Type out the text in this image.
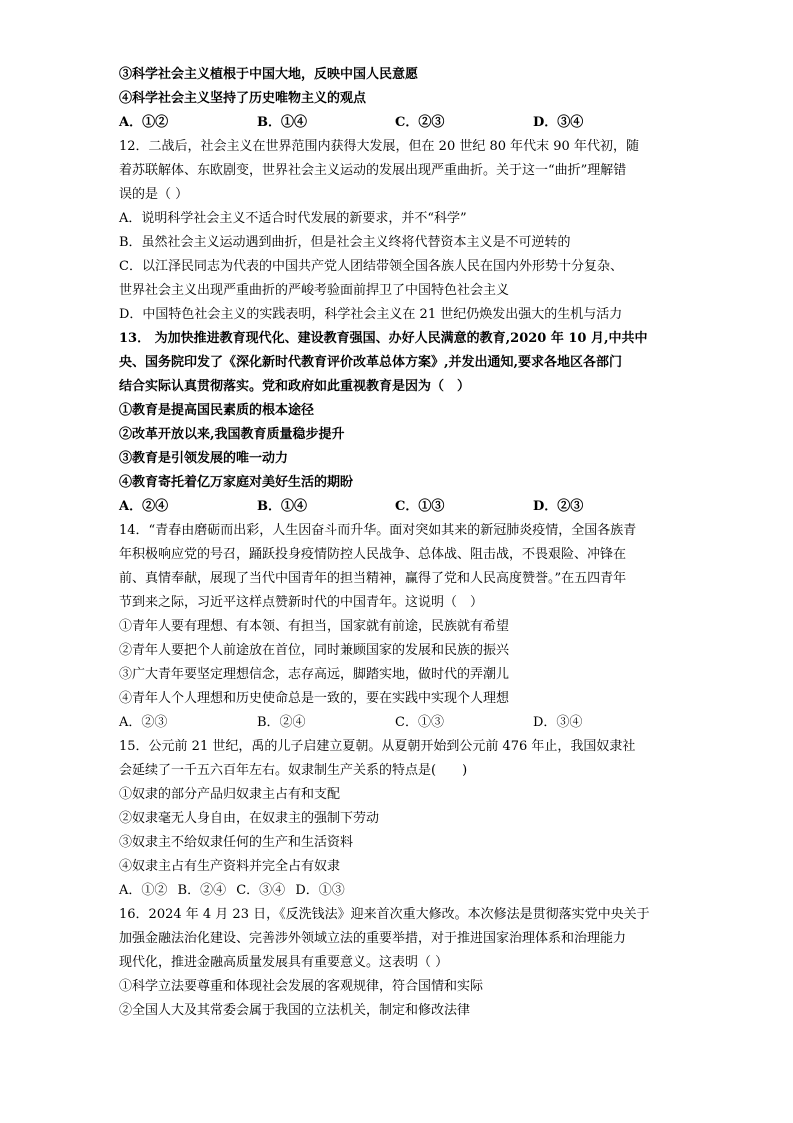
③科学社会主义植根于中国大地，反映中国人民意愿
④科学社会主义坚持了历史唯物主义的观点
A．①②	B．①④	C．②③	D．③④
12．二战后，社会主义在世界范围内获得大发展，但在 20 世纪 80 年代末 90 年代初，随
着苏联解体、东欧剧变，世界社会主义运动的发展出现严重曲折。关于这一“曲折”理解错
误的是（ ）
A．说明科学社会主义不适合时代发展的新要求，并不“科学”
B．虽然社会主义运动遇到曲折，但是社会主义终将代替资本主义是不可逆转的
C．以江泽民同志为代表的中国共产党人团结带领全国各族人民在国内外形势十分复杂、
世界社会主义出现严重曲折的严峻考验面前捍卫了中国特色社会主义
D．中国特色社会主义的实践表明，科学社会主义在 21 世纪仍焕发出强大的生机与活力
13． 为加快推进教育现代化、建设教育强国、办好人民满意的教育,2020 年 10 月,中共中
央、国务院印发了《深化新时代教育评价改革总体方案》,并发出通知,要求各地区各部门
结合实际认真贯彻落实。党和政府如此重视教育是因为（　）
①教育是提高国民素质的根本途径
②改革开放以来,我国教育质量稳步提升
③教育是引领发展的唯一动力
④教育寄托着亿万家庭对美好生活的期盼
A．②④	B．①④	C．①③	D．②③
14．“青春由磨砺而出彩，人生因奋斗而升华。面对突如其来的新冠肺炎疫情，全国各族青
年积极响应党的号召，踊跃投身疫情防控人民战争、总体战、阻击战，不畏艰险、冲锋在
前、真情奉献，展现了当代中国青年的担当精神，赢得了党和人民高度赞誉。”在五四青年
节到来之际，习近平这样点赞新时代的中国青年。这说明（　）
①青年人要有理想、有本领、有担当，国家就有前途，民族就有希望
②青年人要把个人前途放在首位，同时兼顾国家的发展和民族的振兴
③广大青年要坚定理想信念，志存高远，脚踏实地，做时代的弄潮儿
④青年人个人理想和历史使命总是一致的，要在实践中实现个人理想
A．②③	B．②④	C．①③	D．③④
15．公元前 21 世纪，禹的儿子启建立夏朝。从夏朝开始到公元前 476 年止，我国奴隶社
会延续了一千五六百年左右。奴隶制生产关系的特点是(　　)
①奴隶的部分产品归奴隶主占有和支配
②奴隶毫无人身自由，在奴隶主的强制下劳动
③奴隶主不给奴隶任何的生产和生活资料
④奴隶主占有生产资料并完全占有奴隶
A．①② B．②④ C．③④ D．①③
16．2024 年 4 月 23 日，《反洗钱法》迎来首次重大修改。本次修法是贯彻落实党中央关于
加强金融法治化建设、完善涉外领域立法的重要举措，对于推进国家治理体系和治理能力
现代化，推进金融高质量发展具有重要意义。这表明（ ）
①科学立法要尊重和体现社会发展的客观规律，符合国情和实际
②全国人大及其常委会属于我国的立法机关，制定和修改法律
